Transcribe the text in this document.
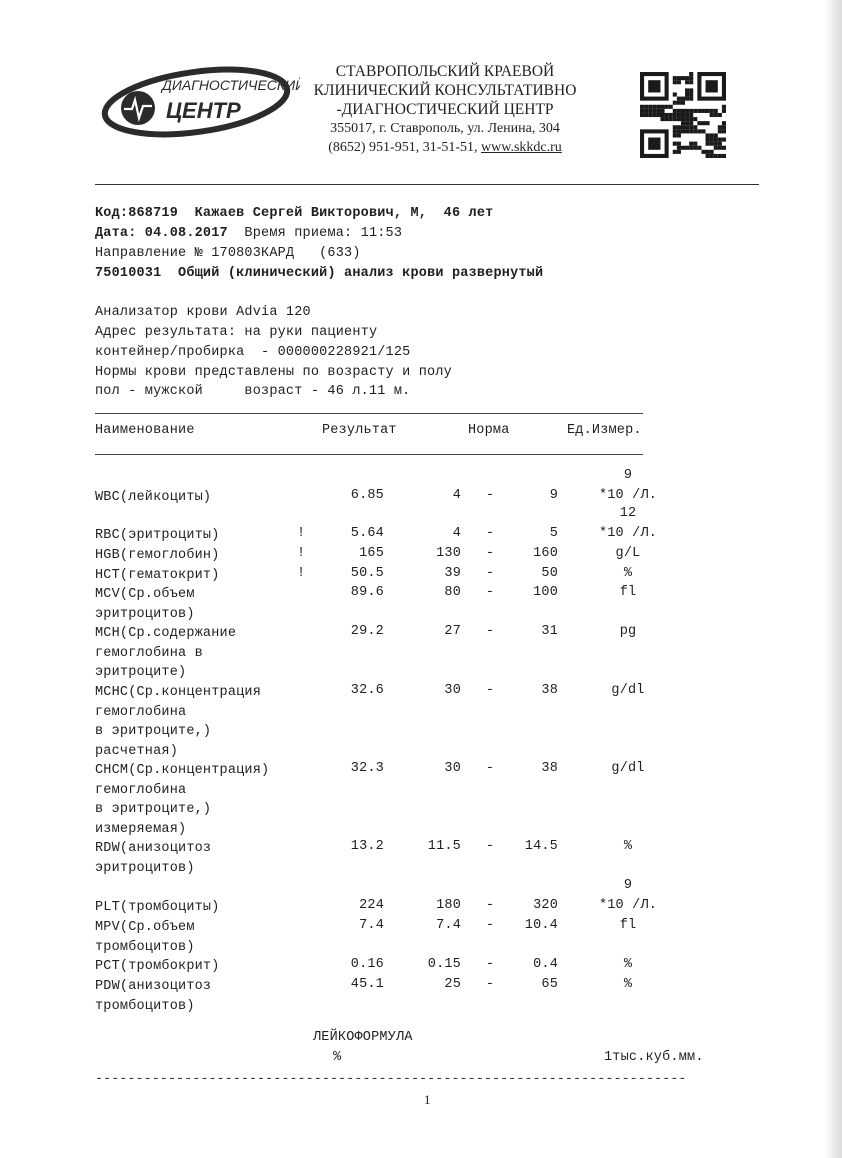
ДИАГНОСТИЧЕСКИЙ
ЦЕНТР
СТАВРОПОЛЬСКИЙ КРАЕВОЙ
КЛИНИЧЕСКИЙ КОНСУЛЬТАТИВНО
-ДИАГНОСТИЧЕСКИЙ ЦЕНТР
355017, г. Ставрополь, ул. Ленина, 304
(8652) 951-951, 31-51-51, www.skkdc.ru
Код:868719  Кажаев Сергей Викторович, М,  46 лет
Дата: 04.08.2017  Время приема: 11:53
Направление № 170803КАРД   (633)
75010031  Общий (клинический) анализ крови развернутый
Анализатор крови Advia 120
Адрес результата: на руки пациенту
контейнер/пробирка  - 000000228921/125
Нормы крови представлены по возрасту и полу
пол - мужской     возраст - 46 л.11 м.
Наименование	Результат	Норма	Ед.Измер.
WBC(лейкоциты)	6.85	4	-	9	*10 /Л.
9
RBC(эритроциты)	!	5.64	4	-	5	*10 /Л.
12
HGB(гемоглобин)	!	165	130	-	160	g/L
HCT(гематокрит)	!	50.5	39	-	50	%
MCV(Ср.объем
эритроцитов)
89.6	80	-	100	fl
MCH(Ср.содержание
гемоглобина в
эритроците)
29.2	27	-	31	pg
MCHC(Ср.концентрация
гемоглобина
в эритроците,)
расчетная)
32.6	30	-	38	g/dl
CHCM(Ср.концентрация)
гемоглобина
в эритроците,)
измеряемая)
32.3	30	-	38	g/dl
RDW(анизоцитоз
эритроцитов)
13.2	11.5	-	14.5	%
PLT(тромбоциты)	224	180	-	320	*10 /Л.
9
MPV(Ср.объем
тромбоцитов)
7.4	7.4	-	10.4	fl
PCT(тромбокрит)	0.16	0.15	-	0.4	%
PDW(анизоцитоз
тромбоцитов)
45.1	25	-	65	%
ЛЕЙКОФОРМУЛА
%	1тыс.куб.мм.
-------------------------------------------------------------------------
1
